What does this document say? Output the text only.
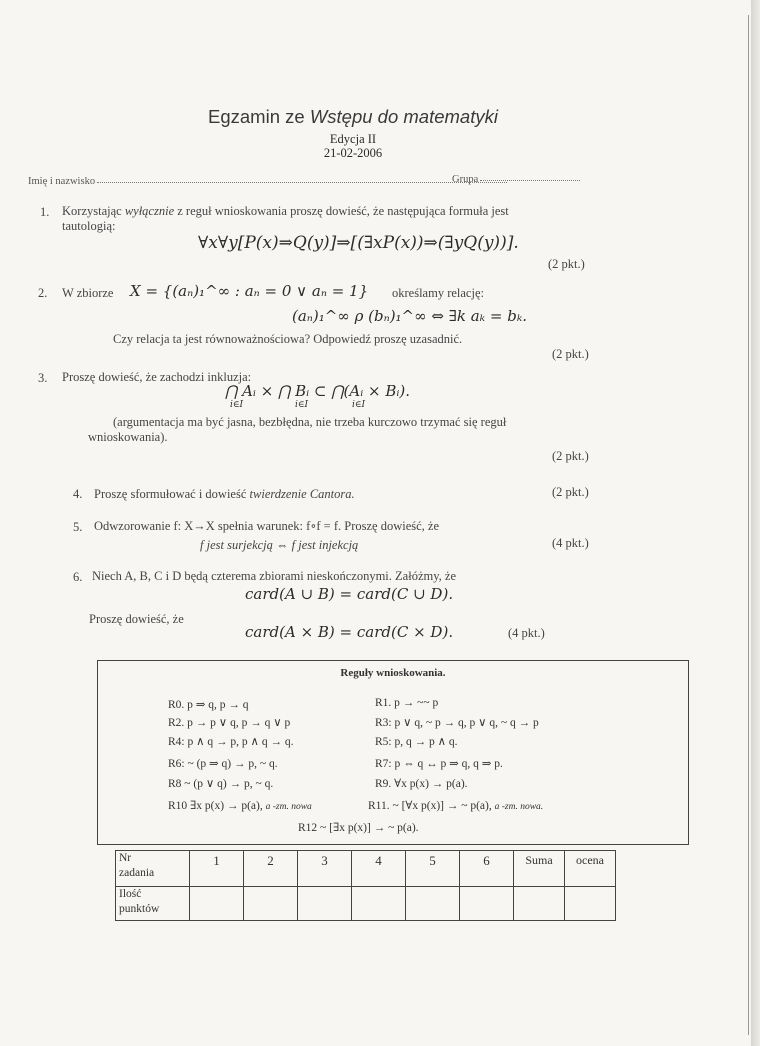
Egzamin ze Wstępu do matematyki
Edycja II
21-02-2006
Imię i nazwisko	Grupa
1. Korzystając wyłącznie z reguł wnioskowania proszę dowieść, że następująca formuła jest
tautologią:
∀x∀y[P(x)⇒Q(y)]⇒[(∃xP(x))⇒(∃yQ(y))].
(2 pkt.)
2. W zbiorze X = {(aₙ)₁^∞ : aₙ = 0 ∨ aₙ = 1} określamy relację:
(aₙ)₁^∞ ρ (bₙ)₁^∞ ⇔ ∃k aₖ = bₖ.
Czy relacja ta jest równoważnościowa? Odpowiedź proszę uzasadnić.
(2 pkt.)
3. Proszę dowieść, że zachodzi inkluzja:
⋂ Aᵢ × ⋂ Bᵢ ⊂ ⋂(Aᵢ × Bᵢ).
i∈I	i∈I	i∈I
(argumentacja ma być jasna, bezbłędna, nie trzeba kurczowo trzymać się reguł
wnioskowania).
(2 pkt.)
4. Proszę sformułować i dowieść twierdzenie Cantora.	(2 pkt.)
5. Odwzorowanie f: X→X spełnia warunek: f∘f = f. Proszę dowieść, że
f jest surjekcją ⇔ f jest injekcją	(4 pkt.)
6. Niech A, B, C i D będą czterema zbiorami nieskończonymi. Załóżmy, że
card(A ∪ B) = card(C ∪ D).
Proszę dowieść, że
card(A × B) = card(C × D).	(4 pkt.)
Reguły wnioskowania.
R0. p ⇒ q, p → q	R1. p → ~~ p
R2. p → p ∨ q, p → q ∨ p	R3: p ∨ q, ~ p → q, p ∨ q, ~ q → p
R4: p ∧ q → p, p ∧ q → q.	R5: p, q → p ∧ q.
R6: ~ (p ⇒ q) → p, ~ q.	R7: p ⇔ q ↔ p ⇒ q, q ⇒ p.
R8 ~ (p ∨ q) → p, ~ q.	R9. ∀x p(x) → p(a).
R10 ∃x p(x) → p(a), a -zm. nowa	R11. ~ [∀x p(x)] → ~ p(a), a -zm. nowa.
R12 ~ [∃x p(x)] → ~ p(a).
Nr
zadania	1	2	3	4	5	6	Suma	ocena
Ilość
punktów								
